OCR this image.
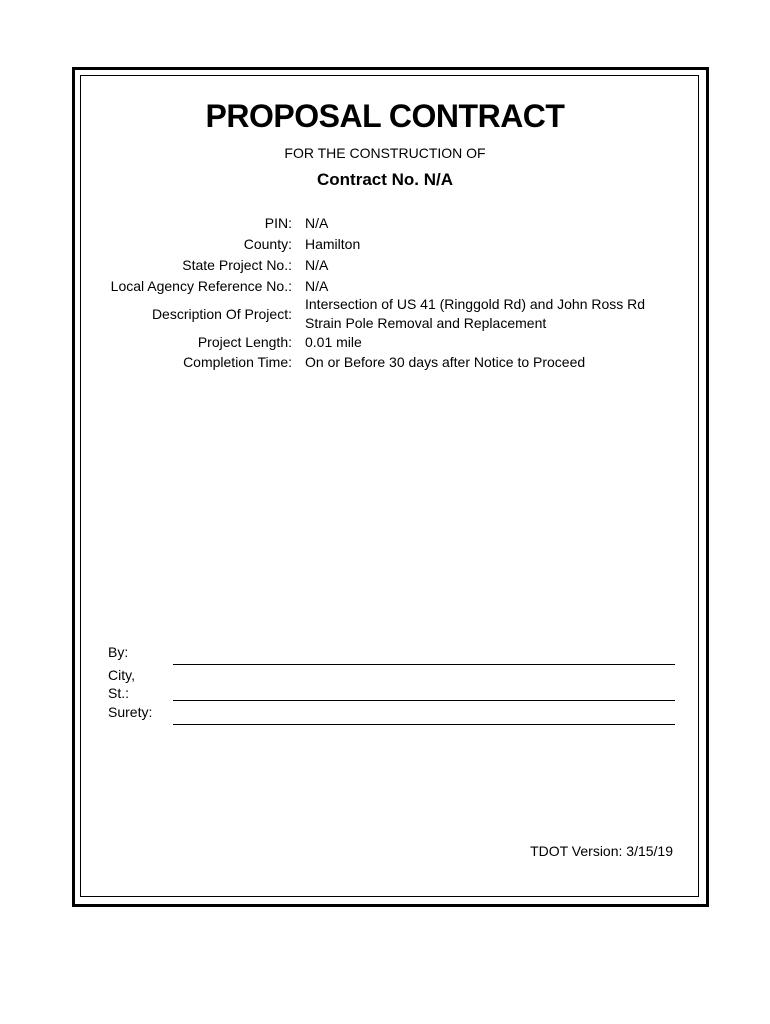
PROPOSAL CONTRACT
FOR THE CONSTRUCTION OF
Contract No. N/A
PIN: N/A
County: Hamilton
State Project No.: N/A
Local Agency Reference No.: N/A
Description Of Project:
Intersection of US 41 (Ringgold Rd) and John Ross Rd
Strain Pole Removal and Replacement
Project Length: 0.01 mile
Completion Time: On or Before 30 days after Notice to Proceed
By:
City,
St.:
Surety:
TDOT Version: 3/15/19
